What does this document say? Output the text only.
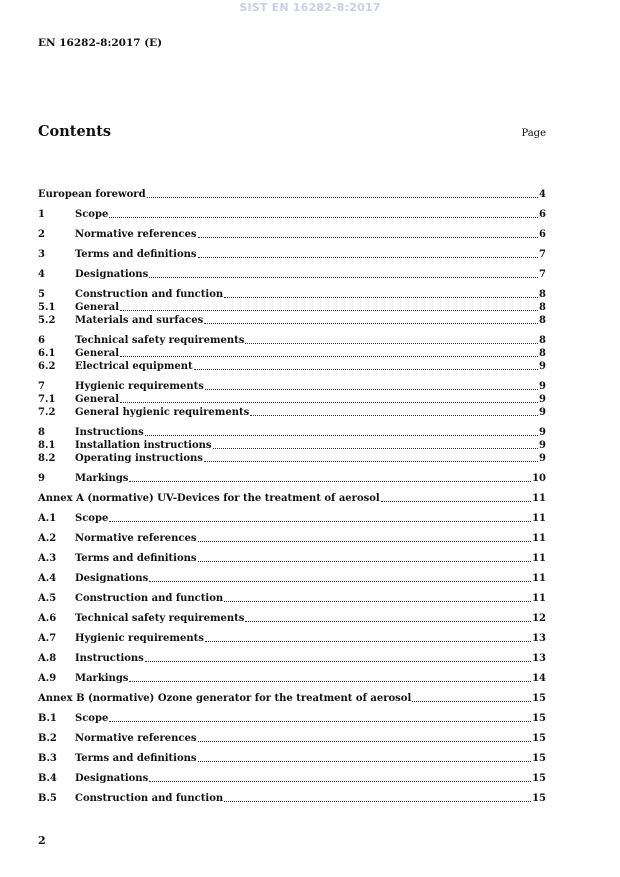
SIST EN 16282-8:2017
EN 16282-8:2017 (E)
Contents	Page
European foreword	4
1	Scope	6
2	Normative references	6
3	Terms and definitions	7
4	Designations	7
5	Construction and function	8
5.1	General	8
5.2	Materials and surfaces	8
6	Technical safety requirements	8
6.1	General	8
6.2	Electrical equipment	9
7	Hygienic requirements	9
7.1	General	9
7.2	General hygienic requirements	9
8	Instructions	9
8.1	Installation instructions	9
8.2	Operating instructions	9
9	Markings	10
Annex A (normative) UV-Devices for the treatment of aerosol	11
A.1	Scope	11
A.2	Normative references	11
A.3	Terms and definitions	11
A.4	Designations	11
A.5	Construction and function	11
A.6	Technical safety requirements	12
A.7	Hygienic requirements	13
A.8	Instructions	13
A.9	Markings	14
Annex B (normative) Ozone generator for the treatment of aerosol	15
B.1	Scope	15
B.2	Normative references	15
B.3	Terms and definitions	15
B.4	Designations	15
B.5	Construction and function	15
2
